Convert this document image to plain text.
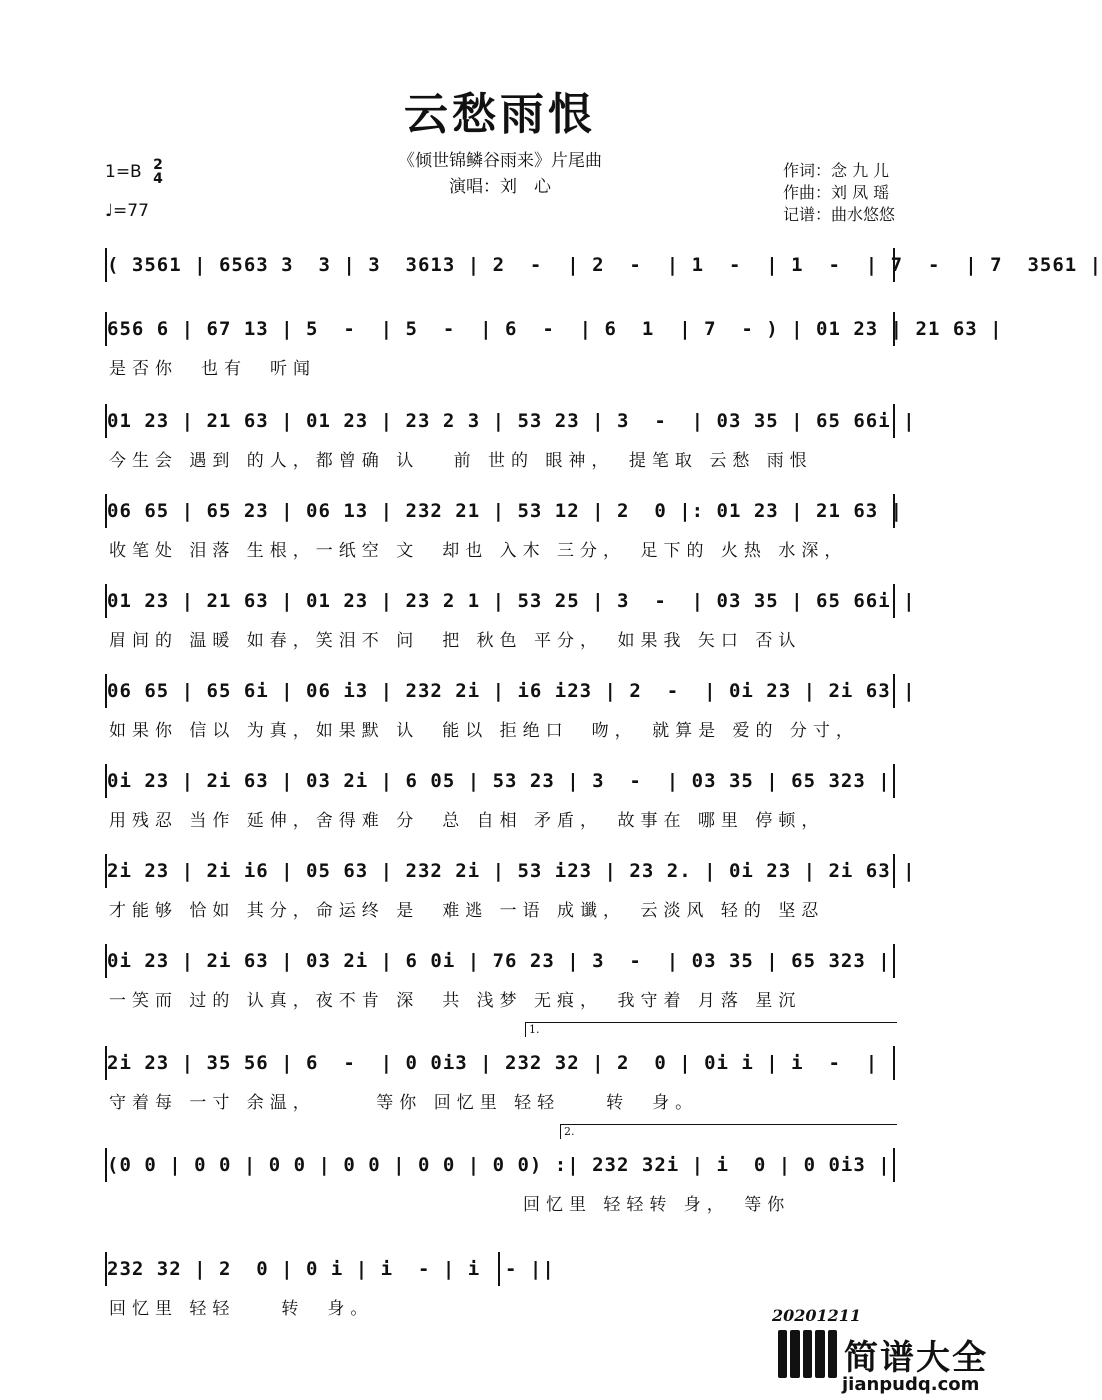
云愁雨恨
《倾世锦鳞谷雨来》片尾曲
演唱：刘　心
1=B 2
4
♩=77
作词：念 九 儿
作曲：刘 凤 瑶
记谱：曲水悠悠
( 3561 | 6563 3  3 | 3  3613 | 2  -  | 2  -  | 1  -  | 1  -  | 7  -  | 7  3561 |
656 6 | 67 13 | 5  -  | 5  -  | 6  -  | 6  1  | 7  - ) | 01 23 | 21 63 |
是否你　也有　听闻
01 23 | 21 63 | 01 23 | 23 2 3 | 53 23 | 3  -  | 03 35 | 65 66i |
今生会 遇到 的人，都曾确 认 　前 世的 眼神，　提笔取 云愁 雨恨
06 65 | 65 23 | 06 13 | 232 21 | 53 12 | 2  0 |: 01 23 | 21 63 |
收笔处 泪落 生根，一纸空 文　却也 入木 三分，　足下的 火热 水深，
01 23 | 21 63 | 01 23 | 23 2 1 | 53 25 | 3  -  | 03 35 | 65 66i |
眉间的 温暖 如春，笑泪不 问　把 秋色 平分，　如果我 矢口 否认
06 65 | 65 6i | 06 i3 | 232 2i | i6 i23 | 2  -  | 0i 23 | 2i 63 |
如果你 信以 为真，如果默 认　能以 拒绝口　吻，　就算是 爱的 分寸，
0i 23 | 2i 63 | 03 2i | 6 05 | 53 23 | 3  -  | 03 35 | 65 323 |
用残忍 当作 延伸，舍得难 分　总 自相 矛盾，　故事在 哪里 停顿，
2i 23 | 2i i6 | 05 63 | 232 2i | 53 i23 | 23 2. | 0i 23 | 2i 63 |
才能够 恰如 其分，命运终 是　难逃 一语 成谶，　云淡风 轻的 坚忍
0i 23 | 2i 63 | 03 2i | 6 0i | 76 23 | 3  -  | 03 35 | 65 323 |
一笑而 过的 认真，夜不肯 深　共 浅梦 无痕，　我守着 月落 星沉
1.
2i 23 | 35 56 | 6  -  | 0 0i3 | 232 32 | 2  0 | 0i i | i  -  |
守着每 一寸 余温，　　　等你 回忆里 轻轻　　转　身。
2.
(0 0 | 0 0 | 0 0 | 0 0 | 0 0 | 0 0) :| 232 32i | i  0 | 0 0i3 |
　　　　　　　　　　　　　　　　　　回忆里 轻轻转 身，　等你
232 32 | 2  0 | 0 i | i  - | i  - ||
回忆里 轻轻　　转　身。	20201211
简谱大全
jianpudq.com
